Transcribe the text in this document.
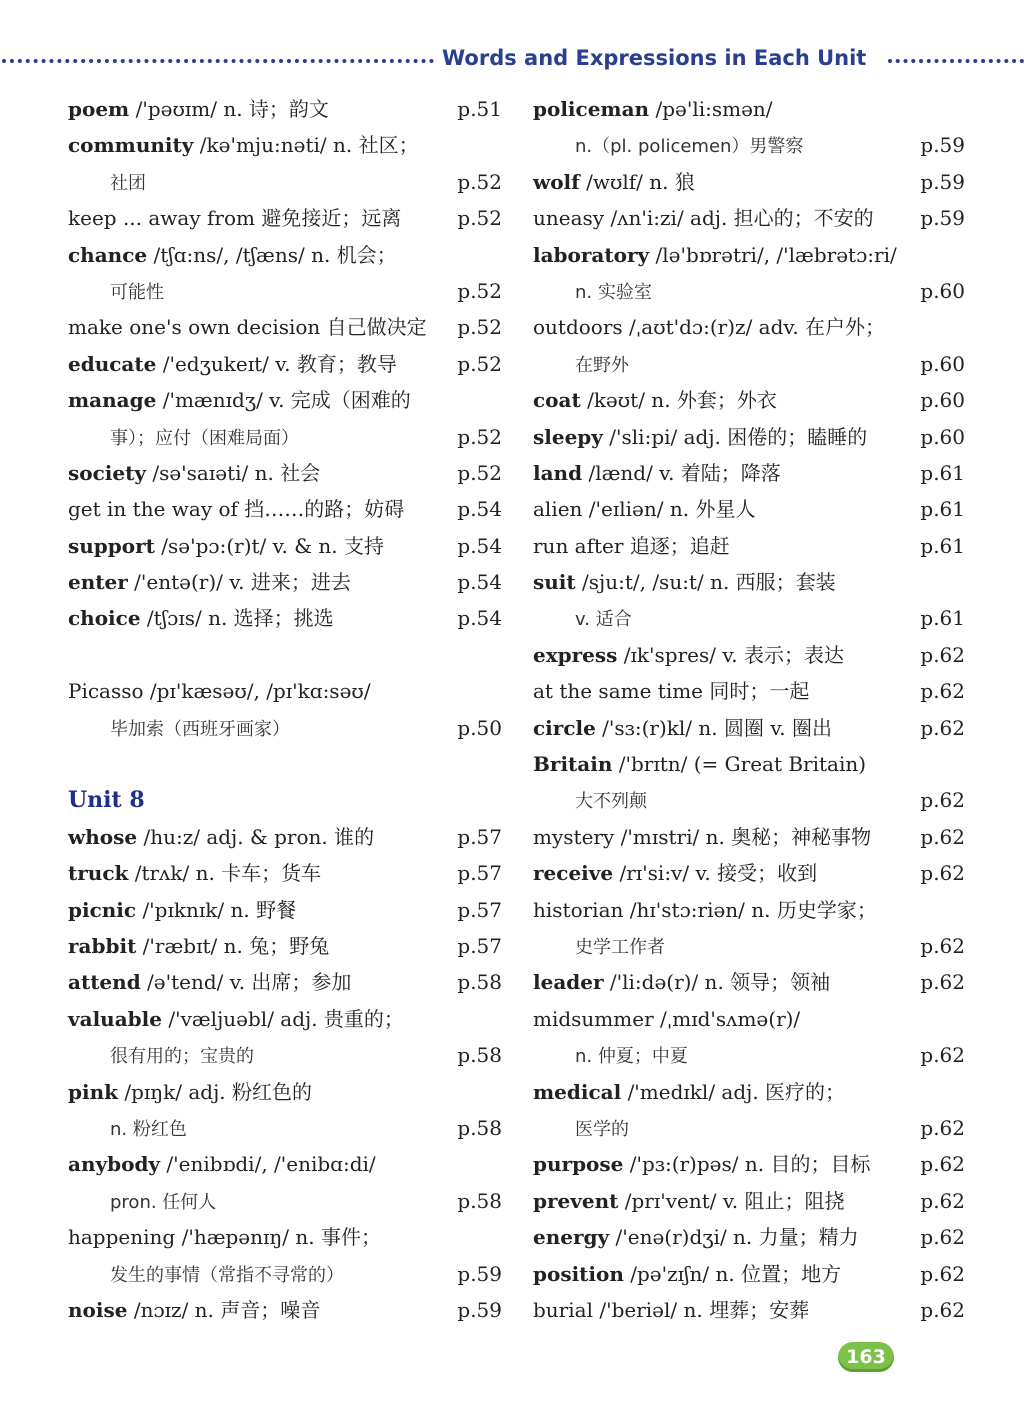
Words and Expressions in Each Unit
poem /'pəʊɪm/ n. 诗；韵文	p.51
community /kə'mju:nəti/ n. 社区；
社团	p.52
keep ... away from 避免接近；远离	p.52
chance /tʃɑ:ns/, /tʃæns/ n. 机会；
可能性	p.52
make one's own decision 自己做决定 p.52
educate /'edʒukeɪt/ v. 教育；教导	p.52
manage /'mænɪdʒ/ v. 完成（困难的
事）；应付（困难局面）	p.52
society /sə'saɪəti/ n. 社会	p.52
get in the way of 挡……的路；妨碍	p.54
support /sə'pɔ:(r)t/ v. & n. 支持	p.54
enter /'entə(r)/ v. 进来；进去	p.54
choice /tʃɔɪs/ n. 选择；挑选	p.54
Picasso /pɪ'kæsəʊ/, /pɪ'kɑ:səʊ/
毕加索（西班牙画家）	p.50
Unit 8
whose /hu:z/ adj. & pron. 谁的	p.57
truck /trʌk/ n. 卡车；货车	p.57
picnic /'pɪknɪk/ n. 野餐	p.57
rabbit /'ræbɪt/ n. 兔；野兔	p.57
attend /ə'tend/ v. 出席；参加	p.58
valuable /'væljuəbl/ adj. 贵重的；
很有用的；宝贵的	p.58
pink /pɪŋk/ adj. 粉红色的
n. 粉红色	p.58
anybody /'enibɒdi/, /'enibɑ:di/
pron. 任何人	p.58
happening /'hæpənɪŋ/ n. 事件；
发生的事情（常指不寻常的）	p.59
noise /nɔɪz/ n. 声音；噪音	p.59
policeman /pə'li:smən/
n.（pl. policemen）男警察	p.59
wolf /wʊlf/ n. 狼	p.59
uneasy /ʌn'i:zi/ adj. 担心的；不安的 p.59
laboratory /lə'bɒrətri/, /'læbrətɔ:ri/
n. 实验室	p.60
outdoors /ˌaʊt'dɔ:(r)z/ adv. 在户外；
在野外	p.60
coat /kəʊt/ n. 外套；外衣	p.60
sleepy /'sli:pi/ adj. 困倦的；瞌睡的	p.60
land /lænd/ v. 着陆；降落	p.61
alien /'eɪliən/ n. 外星人	p.61
run after 追逐；追赶	p.61
suit /sju:t/, /su:t/ n. 西服；套装
v. 适合	p.61
express /ɪk'spres/ v. 表示；表达	p.62
at the same time 同时；一起	p.62
circle /'sɜ:(r)kl/ n. 圆圈 v. 圈出	p.62
Britain /'brɪtn/ (= Great Britain)
大不列颠	p.62
mystery /'mɪstri/ n. 奥秘；神秘事物 p.62
receive /rɪ'si:v/ v. 接受；收到	p.62
historian /hɪ'stɔ:riən/ n. 历史学家；
史学工作者	p.62
leader /'li:də(r)/ n. 领导；领袖	p.62
midsummer /ˌmɪd'sʌmə(r)/
n. 仲夏；中夏	p.62
medical /'medɪkl/ adj. 医疗的；
医学的	p.62
purpose /'pɜ:(r)pəs/ n. 目的；目标 p.62
prevent /prɪ'vent/ v. 阻止；阻挠	p.62
energy /'enə(r)dʒi/ n. 力量；精力	p.62
position /pə'zɪʃn/ n. 位置；地方	p.62
burial /'beriəl/ n. 埋葬；安葬	p.62
163
